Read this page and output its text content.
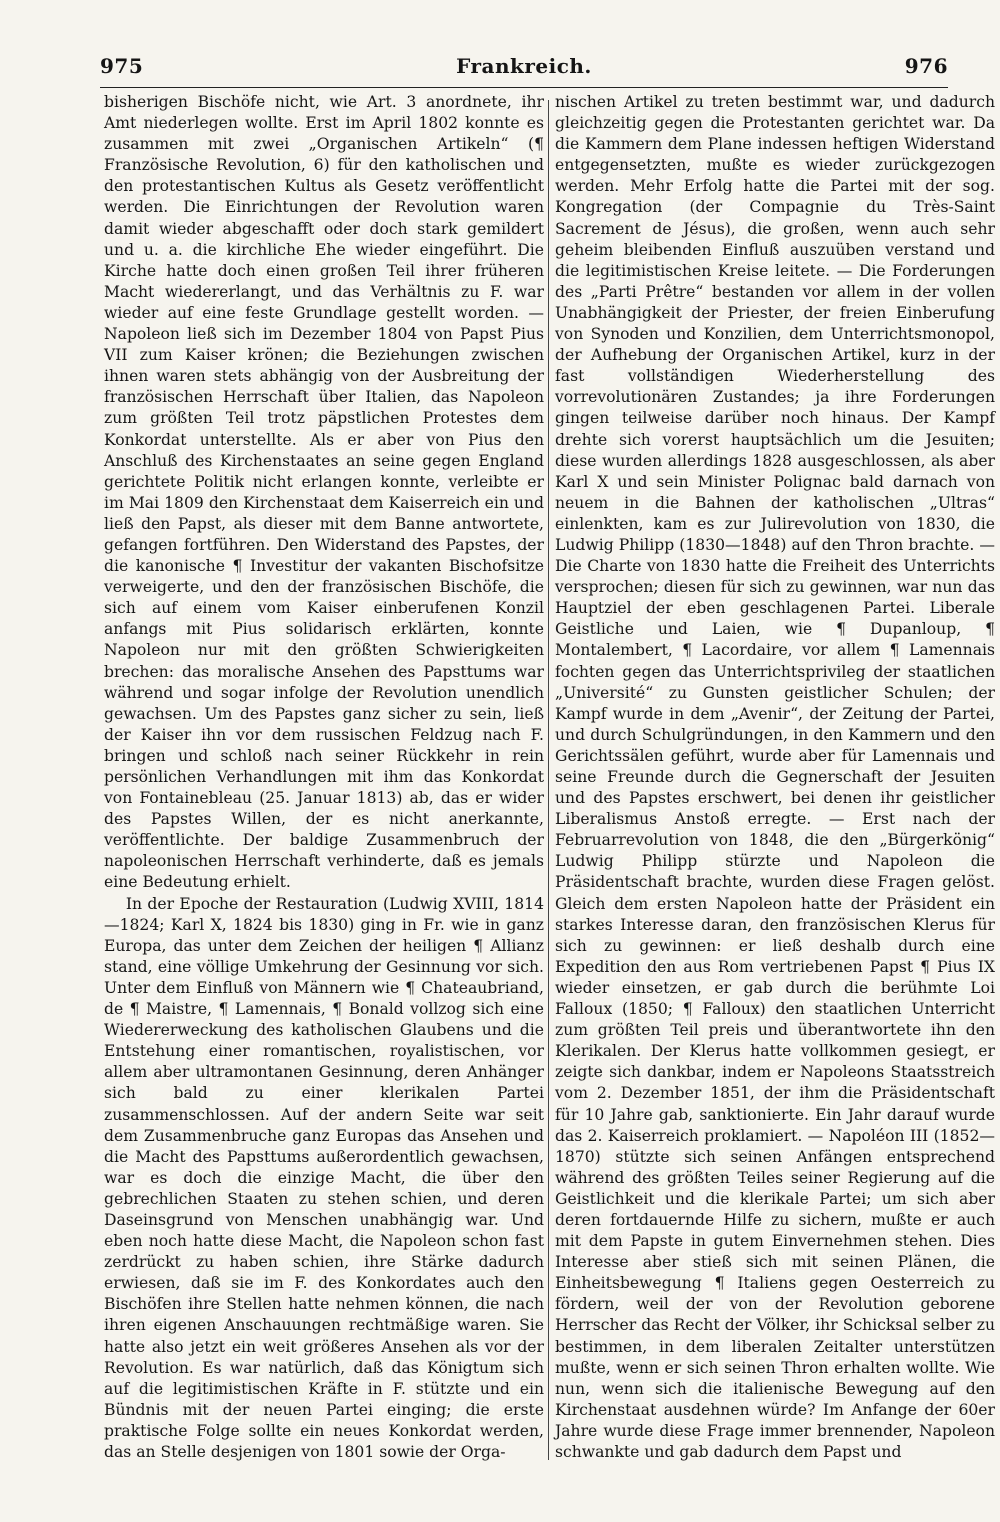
975	Frankreich.	976

bisherigen Bischöfe nicht, wie Art. 3 anordnete, ihr Amt niederlegen wollte. Erst im April 1802 konnte es zusammen mit zwei „Organischen Artikeln“ (¶ Französische Revolution, 6) für den katholischen und den protestantischen Kultus als Gesetz veröffentlicht werden. Die Einrichtungen der Revolution waren damit wieder abgeschafft oder doch stark gemildert und u. a. die kirchliche Ehe wieder eingeführt. Die Kirche hatte doch einen großen Teil ihrer früheren Macht wiedererlangt, und das Verhältnis zu F. war wieder auf eine feste Grundlage gestellt worden. — Napoleon ließ sich im Dezember 1804 von Papst Pius VII zum Kaiser krönen; die Beziehungen zwischen ihnen waren stets abhängig von der Ausbreitung der französischen Herrschaft über Italien, das Napoleon zum größten Teil trotz päpstlichen Protestes dem Konkordat unterstellte. Als er aber von Pius den Anschluß des Kirchenstaates an seine gegen England gerichtete Politik nicht erlangen konnte, verleibte er im Mai 1809 den Kirchenstaat dem Kaiserreich ein und ließ den Papst, als dieser mit dem Banne antwortete, gefangen fortführen. Den Widerstand des Papstes, der die kanonische ¶ Investitur der vakanten Bischofsitze verweigerte, und den der französischen Bischöfe, die sich auf einem vom Kaiser einberufenen Konzil anfangs mit Pius solidarisch erklärten, konnte Napoleon nur mit den größten Schwierigkeiten brechen: das moralische Ansehen des Papsttums war während und sogar infolge der Revolution unendlich gewachsen. Um des Papstes ganz sicher zu sein, ließ der Kaiser ihn vor dem russischen Feldzug nach F. bringen und schloß nach seiner Rückkehr in rein persönlichen Verhandlungen mit ihm das Konkordat von Fontainebleau (25. Januar 1813) ab, das er wider des Papstes Willen, der es nicht anerkannte, veröffentlichte. Der baldige Zusammenbruch der napoleonischen Herrschaft verhinderte, daß es jemals eine Bedeutung erhielt.

In der Epoche der Restauration (Ludwig XVIII, 1814—1824; Karl X, 1824 bis 1830) ging in Fr. wie in ganz Europa, das unter dem Zeichen der heiligen ¶ Allianz stand, eine völlige Umkehrung der Gesinnung vor sich. Unter dem Einfluß von Männern wie ¶ Chateaubriand, de ¶ Maistre, ¶ Lamennais, ¶ Bonald vollzog sich eine Wiedererweckung des katholischen Glaubens und die Entstehung einer romantischen, royalistischen, vor allem aber ultramontanen Gesinnung, deren Anhänger sich bald zu einer klerikalen Partei zusammenschlossen. Auf der andern Seite war seit dem Zusammenbruche ganz Europas das Ansehen und die Macht des Papsttums außerordentlich gewachsen, war es doch die einzige Macht, die über den gebrechlichen Staaten zu stehen schien, und deren Daseinsgrund von Menschen unabhängig war. Und eben noch hatte diese Macht, die Napoleon schon fast zerdrückt zu haben schien, ihre Stärke dadurch erwiesen, daß sie im F. des Konkordates auch den Bischöfen ihre Stellen hatte nehmen können, die nach ihren eigenen Anschauungen rechtmäßige waren. Sie hatte also jetzt ein weit größeres Ansehen als vor der Revolution. Es war natürlich, daß das Königtum sich auf die legitimistischen Kräfte in F. stützte und ein Bündnis mit der neuen Partei einging; die erste praktische Folge sollte ein neues Konkordat werden, das an Stelle desjenigen von 1801 sowie der Orga-

nischen Artikel zu treten bestimmt war, und dadurch gleichzeitig gegen die Protestanten gerichtet war. Da die Kammern dem Plane indessen heftigen Widerstand entgegensetzten, mußte es wieder zurückgezogen werden. Mehr Erfolg hatte die Partei mit der sog. Kongregation (der Compagnie du Très-Saint Sacrement de Jésus), die großen, wenn auch sehr geheim bleibenden Einfluß auszuüben verstand und die legitimistischen Kreise leitete. — Die Forderungen des „Parti Prêtre“ bestanden vor allem in der vollen Unabhängigkeit der Priester, der freien Einberufung von Synoden und Konzilien, dem Unterrichtsmonopol, der Aufhebung der Organischen Artikel, kurz in der fast vollständigen Wiederherstellung des vorrevolutionären Zustandes; ja ihre Forderungen gingen teilweise darüber noch hinaus. Der Kampf drehte sich vorerst hauptsächlich um die Jesuiten; diese wurden allerdings 1828 ausgeschlossen, als aber Karl X und sein Minister Polignac bald darnach von neuem in die Bahnen der katholischen „Ultras“ einlenkten, kam es zur Julirevolution von 1830, die Ludwig Philipp (1830—1848) auf den Thron brachte. — Die Charte von 1830 hatte die Freiheit des Unterrichts versprochen; diesen für sich zu gewinnen, war nun das Hauptziel der eben geschlagenen Partei. Liberale Geistliche und Laien, wie ¶ Dupanloup, ¶ Montalembert, ¶ Lacordaire, vor allem ¶ Lamennais fochten gegen das Unterrichtsprivileg der staatlichen „Université“ zu Gunsten geistlicher Schulen; der Kampf wurde in dem „Avenir“, der Zeitung der Partei, und durch Schulgründungen, in den Kammern und den Gerichtssälen geführt, wurde aber für Lamennais und seine Freunde durch die Gegnerschaft der Jesuiten und des Papstes erschwert, bei denen ihr geistlicher Liberalismus Anstoß erregte. — Erst nach der Februarrevolution von 1848, die den „Bürgerkönig“ Ludwig Philipp stürzte und Napoleon die Präsidentschaft brachte, wurden diese Fragen gelöst. Gleich dem ersten Napoleon hatte der Präsident ein starkes Interesse daran, den französischen Klerus für sich zu gewinnen: er ließ deshalb durch eine Expedition den aus Rom vertriebenen Papst ¶ Pius IX wieder einsetzen, er gab durch die berühmte Loi Falloux (1850; ¶ Falloux) den staatlichen Unterricht zum größten Teil preis und überantwortete ihn den Klerikalen. Der Klerus hatte vollkommen gesiegt, er zeigte sich dankbar, indem er Napoleons Staatsstreich vom 2. Dezember 1851, der ihm die Präsidentschaft für 10 Jahre gab, sanktionierte. Ein Jahr darauf wurde das 2. Kaiserreich proklamiert. — Napoléon III (1852—1870) stützte sich seinen Anfängen entsprechend während des größten Teiles seiner Regierung auf die Geistlichkeit und die klerikale Partei; um sich aber deren fortdauernde Hilfe zu sichern, mußte er auch mit dem Papste in gutem Einvernehmen stehen. Dies Interesse aber stieß sich mit seinen Plänen, die Einheitsbewegung ¶ Italiens gegen Oesterreich zu fördern, weil der von der Revolution geborene Herrscher das Recht der Völker, ihr Schicksal selber zu bestimmen, in dem liberalen Zeitalter unterstützen mußte, wenn er sich seinen Thron erhalten wollte. Wie nun, wenn sich die italienische Bewegung auf den Kirchenstaat ausdehnen würde? Im Anfange der 60er Jahre wurde diese Frage immer brennender, Napoleon schwankte und gab dadurch dem Papst und
